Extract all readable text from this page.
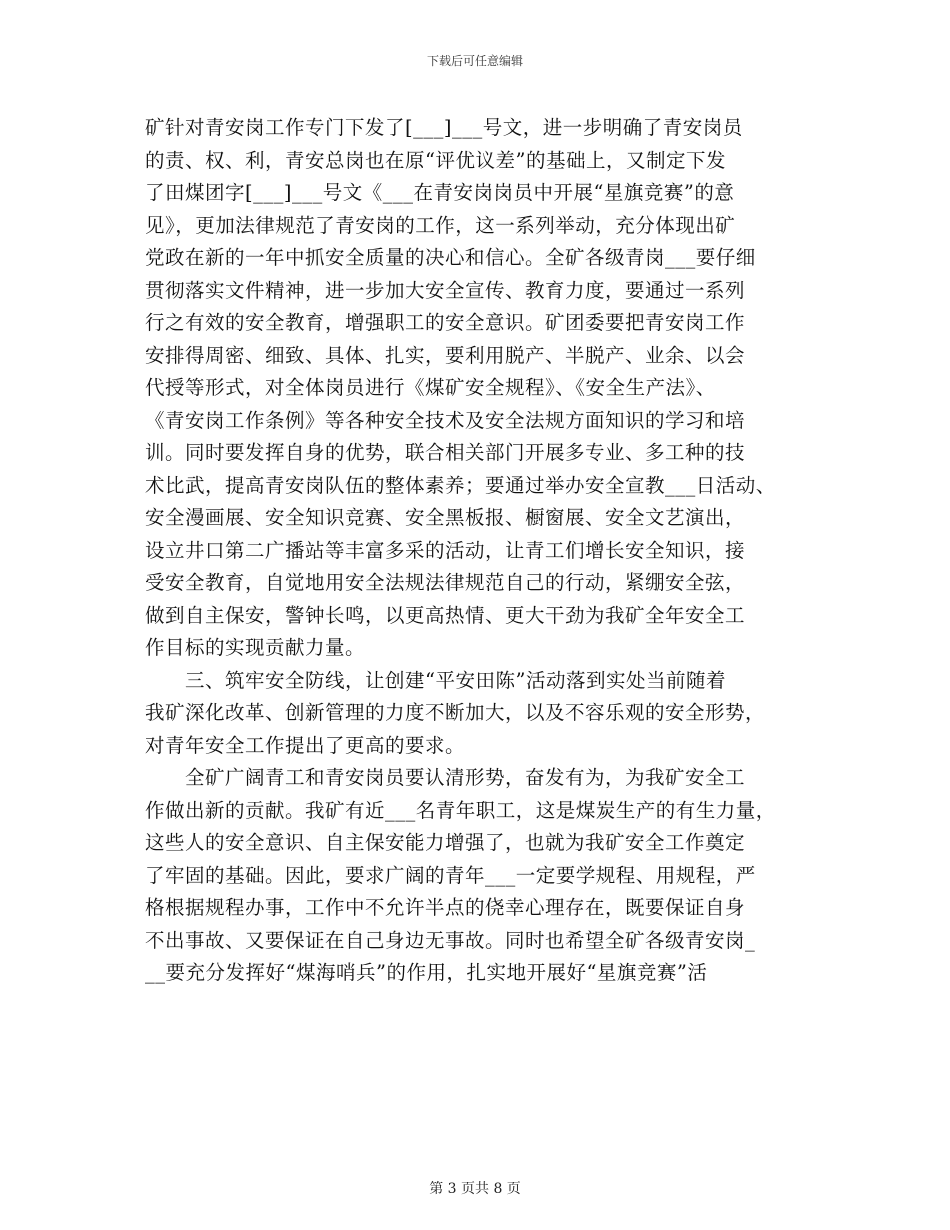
下载后可任意编辑
矿针对青安岗工作专门下发了[___]___号文，进一步明确了青安岗员
的责、权、利，青安总岗也在原“评优议差”的基础上，又制定下发
了田煤团字[___]___号文《___在青安岗岗员中开展“星旗竞赛”的意
见》，更加法律规范了青安岗的工作，这一系列举动，充分体现出矿
党政在新的一年中抓安全质量的决心和信心。全矿各级青岗___要仔细
贯彻落实文件精神，进一步加大安全宣传、教育力度，要通过一系列
行之有效的安全教育，增强职工的安全意识。矿团委要把青安岗工作
安排得周密、细致、具体、扎实，要利用脱产、半脱产、业余、以会
代授等形式，对全体岗员进行《煤矿安全规程》、《安全生产法》、
《青安岗工作条例》等各种安全技术及安全法规方面知识的学习和培
训。同时要发挥自身的优势，联合相关部门开展多专业、多工种的技
术比武，提高青安岗队伍的整体素养；要通过举办安全宣教___日活动、
安全漫画展、安全知识竞赛、安全黑板报、橱窗展、安全文艺演出，
设立井口第二广播站等丰富多采的活动，让青工们增长安全知识，接
受安全教育，自觉地用安全法规法律规范自己的行动，紧绷安全弦，
做到自主保安，警钟长鸣，以更高热情、更大干劲为我矿全年安全工
作目标的实现贡献力量。
　　三、筑牢安全防线，让创建“平安田陈”活动落到实处当前随着
我矿深化改革、创新管理的力度不断加大，以及不容乐观的安全形势，
对青年安全工作提出了更高的要求。
　　全矿广阔青工和青安岗员要认清形势，奋发有为，为我矿安全工
作做出新的贡献。我矿有近___名青年职工，这是煤炭生产的有生力量，
这些人的安全意识、自主保安能力增强了，也就为我矿安全工作奠定
了牢固的基础。因此，要求广阔的青年___一定要学规程、用规程，严
格根据规程办事，工作中不允许半点的侥幸心理存在，既要保证自身
不出事故、又要保证在自己身边无事故。同时也希望全矿各级青安岗_
__要充分发挥好“煤海哨兵”的作用，扎实地开展好“星旗竞赛”活
第 3 页共 8 页
